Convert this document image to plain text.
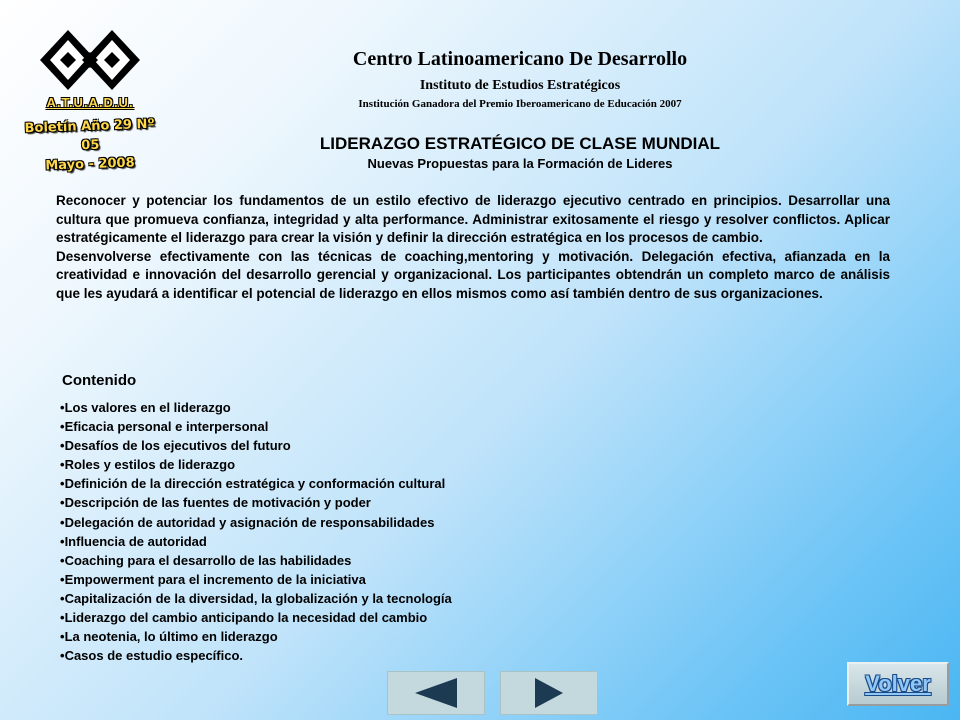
A.T.U.A.D.U.
Boletín Año 29 Nº 05
Mayo - 2008
Centro Latinoamericano De Desarrollo
Instituto de Estudios Estratégicos
Institución Ganadora del Premio Iberoamericano de Educación 2007
LIDERAZGO ESTRATÉGICO DE CLASE MUNDIAL
Nuevas Propuestas para la Formación de Lideres

Reconocer y potenciar los fundamentos de un estilo efectivo de liderazgo ejecutivo centrado en principios. Desarrollar una cultura que promueva confianza, integridad y alta performance. Administrar exitosamente el riesgo y resolver conflictos. Aplicar estratégicamente el liderazgo para crear la visión y definir la dirección estratégica en los procesos de cambio.

Desenvolverse efectivamente con las técnicas de coaching,mentoring y motivación. Delegación efectiva, afianzada en la creatividad e innovación del desarrollo gerencial y organizacional. Los participantes obtendrán un completo marco de análisis que les ayudará a identificar el potencial de liderazgo en ellos mismos como así también dentro de sus organizaciones.

Contenido
• Los valores en el liderazgo
• Eficacia personal e interpersonal
• Desafíos de los ejecutivos del futuro
• Roles y estilos de liderazgo
• Definición de la dirección estratégica y conformación cultural
• Descripción de las fuentes de motivación y poder
• Delegación de autoridad y asignación de responsabilidades
• Influencia de autoridad
• Coaching para el desarrollo de las habilidades
• Empowerment para el incremento de la iniciativa
• Capitalización de la diversidad, la globalización y la tecnología
• Liderazgo del cambio anticipando la necesidad del cambio
• La neotenia, lo último en liderazgo
• Casos de estudio específico.
Volver
